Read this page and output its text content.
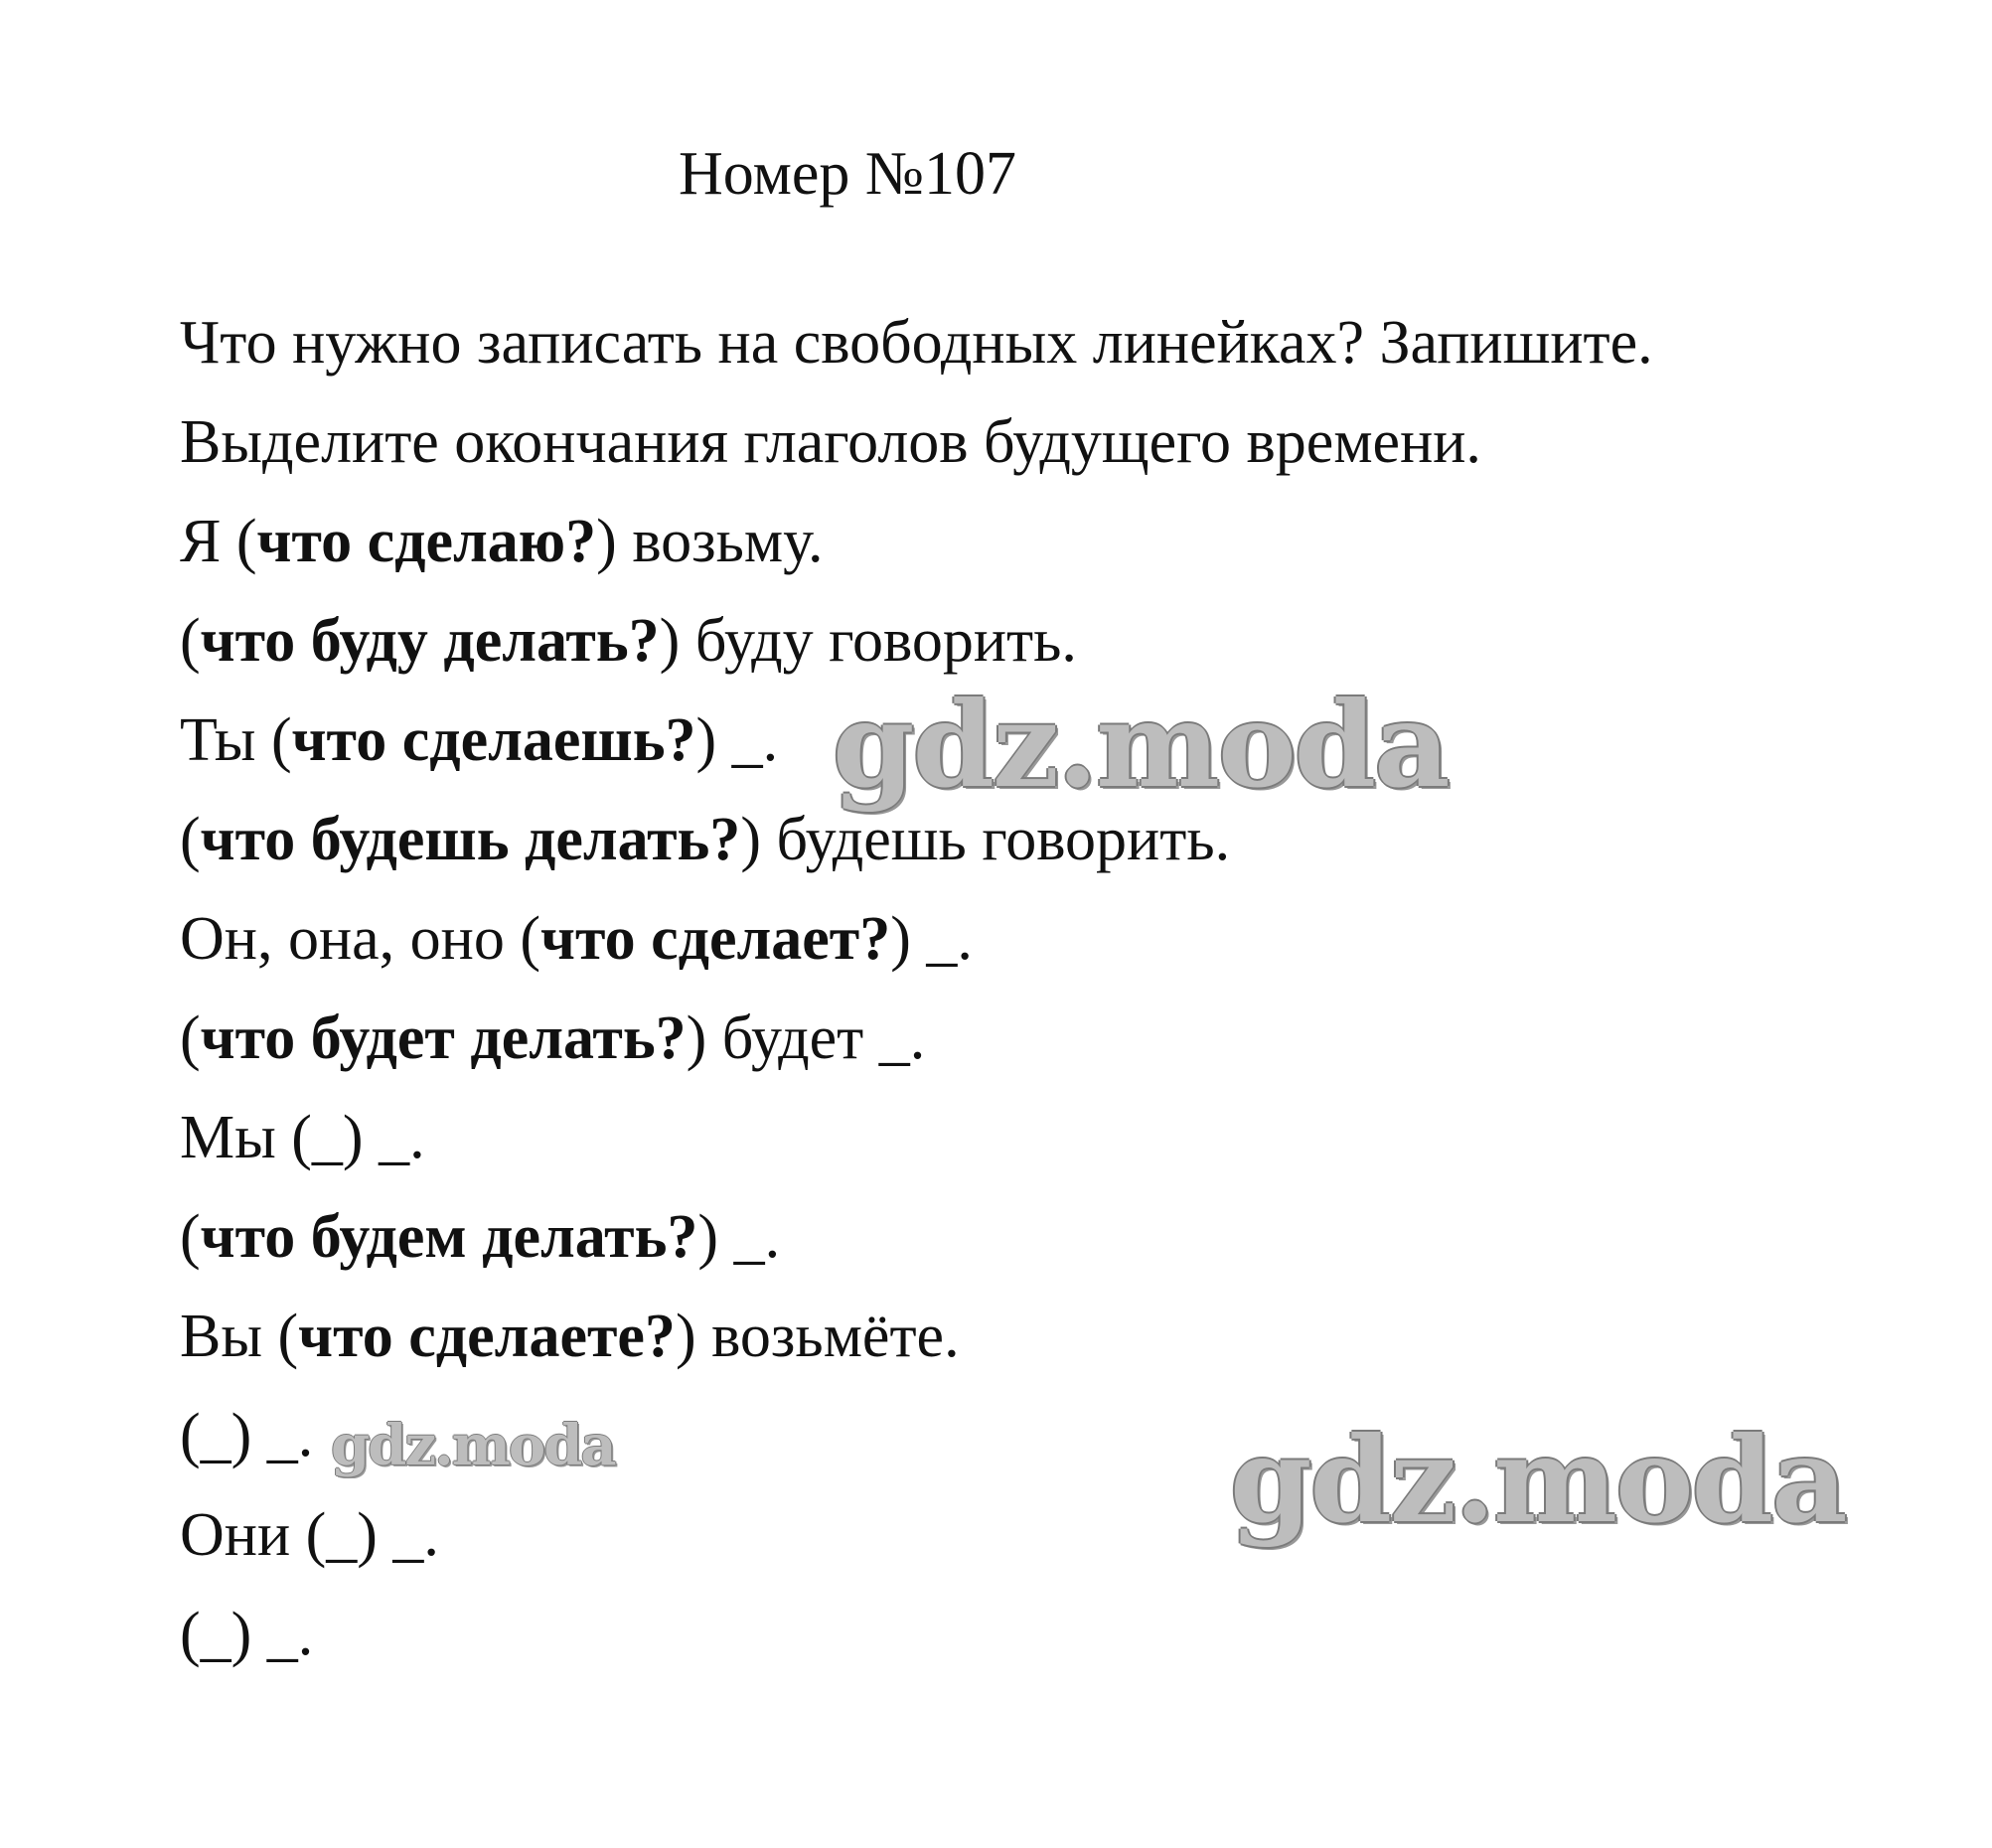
Номер №107
Что нужно записать на свободных линейках? Запишите.
Выделите окончания глаголов будущего времени.
Я (что сделаю?) возьму.
(что буду делать?) буду говорить.
Ты (что сделаешь?) _.
(что будешь делать?) будешь говорить.
Он, она, оно (что сделает?) _.
(что будет делать?) будет _.
Мы (_) _.
(что будем делать?) _.
Вы (что сделаете?) возьмёте.
(_) _.
Они (_) _.
(_) _.
gdz.moda
gdz.moda	gdz.moda
